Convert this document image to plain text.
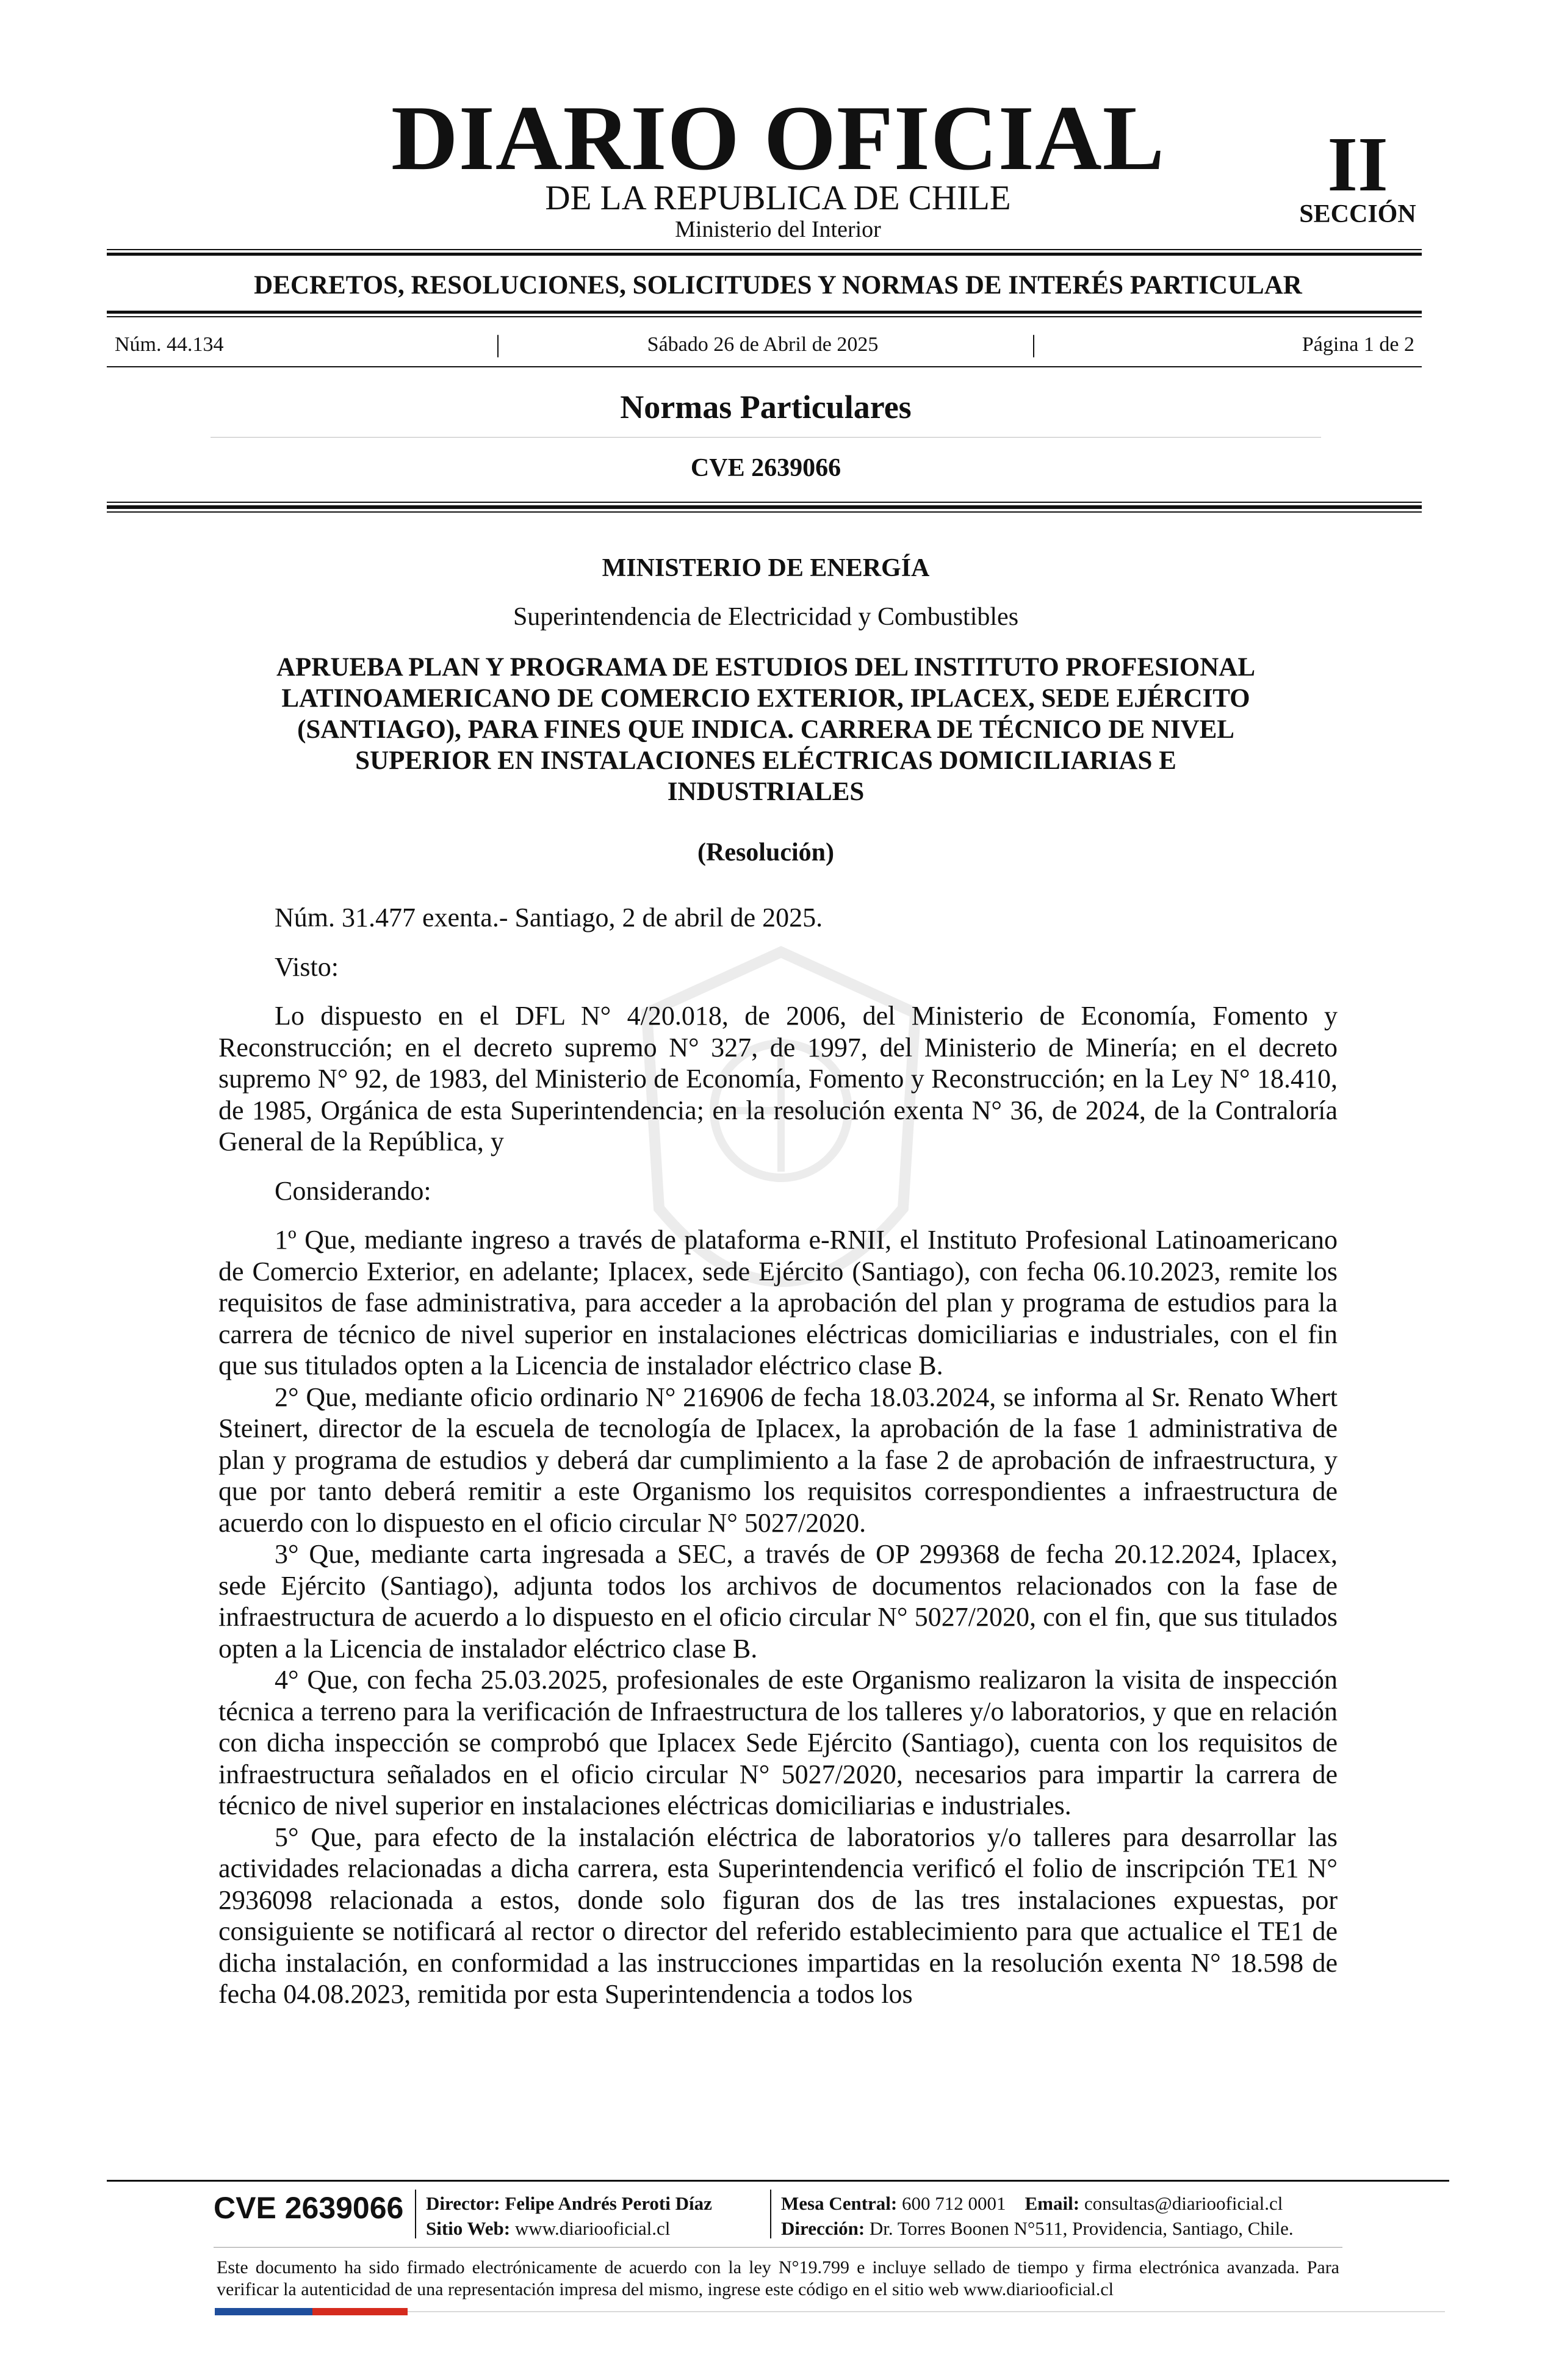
DIARIO OFICIAL
DE LA REPUBLICA DE CHILE
Ministerio del Interior
II
SECCIÓN
DECRETOS, RESOLUCIONES, SOLICITUDES Y NORMAS DE INTERÉS PARTICULAR
Núm. 44.134	|	Sábado 26 de Abril de 2025	|	Página 1 de 2
Normas Particulares
CVE 2639066
MINISTERIO DE ENERGÍA
Superintendencia de Electricidad y Combustibles
APRUEBA PLAN Y PROGRAMA DE ESTUDIOS DEL INSTITUTO PROFESIONAL
LATINOAMERICANO DE COMERCIO EXTERIOR, IPLACEX, SEDE EJÉRCITO
(SANTIAGO), PARA FINES QUE INDICA. CARRERA DE TÉCNICO DE NIVEL
SUPERIOR EN INSTALACIONES ELÉCTRICAS DOMICILIARIAS E
INDUSTRIALES
(Resolución)

Núm. 31.477 exenta.- Santiago, 2 de abril de 2025.

Visto:

Lo dispuesto en el DFL N° 4/20.018, de 2006, del Ministerio de Economía, Fomento y Reconstrucción; en el decreto supremo N° 327, de 1997, del Ministerio de Minería; en el decreto supremo N° 92, de 1983, del Ministerio de Economía, Fomento y Reconstrucción; en la Ley N° 18.410, de 1985, Orgánica de esta Superintendencia; en la resolución exenta N° 36, de 2024, de la Contraloría General de la República, y

Considerando:

1º Que, mediante ingreso a través de plataforma e-RNII, el Instituto Profesional Latinoamericano de Comercio Exterior, en adelante; Iplacex, sede Ejército (Santiago), con fecha 06.10.2023, remite los requisitos de fase administrativa, para acceder a la aprobación del plan y programa de estudios para la carrera de técnico de nivel superior en instalaciones eléctricas domiciliarias e industriales, con el fin que sus titulados opten a la Licencia de instalador eléctrico clase B.

2° Que, mediante oficio ordinario N° 216906 de fecha 18.03.2024, se informa al Sr. Renato Whert Steinert, director de la escuela de tecnología de Iplacex, la aprobación de la fase 1 administrativa de plan y programa de estudios y deberá dar cumplimiento a la fase 2 de aprobación de infraestructura, y que por tanto deberá remitir a este Organismo los requisitos correspondientes a infraestructura de acuerdo con lo dispuesto en el oficio circular N° 5027/2020.

3° Que, mediante carta ingresada a SEC, a través de OP 299368 de fecha 20.12.2024, Iplacex, sede Ejército (Santiago), adjunta todos los archivos de documentos relacionados con la fase de infraestructura de acuerdo a lo dispuesto en el oficio circular N° 5027/2020, con el fin, que sus titulados opten a la Licencia de instalador eléctrico clase B.

4° Que, con fecha 25.03.2025, profesionales de este Organismo realizaron la visita de inspección técnica a terreno para la verificación de Infraestructura de los talleres y/o laboratorios, y que en relación con dicha inspección se comprobó que Iplacex Sede Ejército (Santiago), cuenta con los requisitos de infraestructura señalados en el oficio circular N° 5027/2020, necesarios para impartir la carrera de técnico de nivel superior en instalaciones eléctricas domiciliarias e industriales.

5° Que, para efecto de la instalación eléctrica de laboratorios y/o talleres para desarrollar las actividades relacionadas a dicha carrera, esta Superintendencia verificó el folio de inscripción TE1 N° 2936098 relacionada a estos, donde solo figuran dos de las tres instalaciones expuestas, por consiguiente se notificará al rector o director del referido establecimiento para que actualice el TE1 de dicha instalación, en conformidad a las instrucciones impartidas en la resolución exenta N° 18.598 de fecha 04.08.2023, remitida por esta Superintendencia a todos los

CVE 2639066 Director: Felipe Andrés Peroti Díaz
Sitio Web: www.diariooficial.cl
Mesa Central: 600 712 0001 Email: consultas@diariooficial.cl
Dirección: Dr. Torres Boonen N°511, Providencia, Santiago, Chile.
Este documento ha sido firmado electrónicamente de acuerdo con la ley N°19.799 e incluye sellado de tiempo y firma electrónica avanzada. Para verificar la autenticidad de una representación impresa del mismo, ingrese este código en el sitio web www.diariooficial.cl
